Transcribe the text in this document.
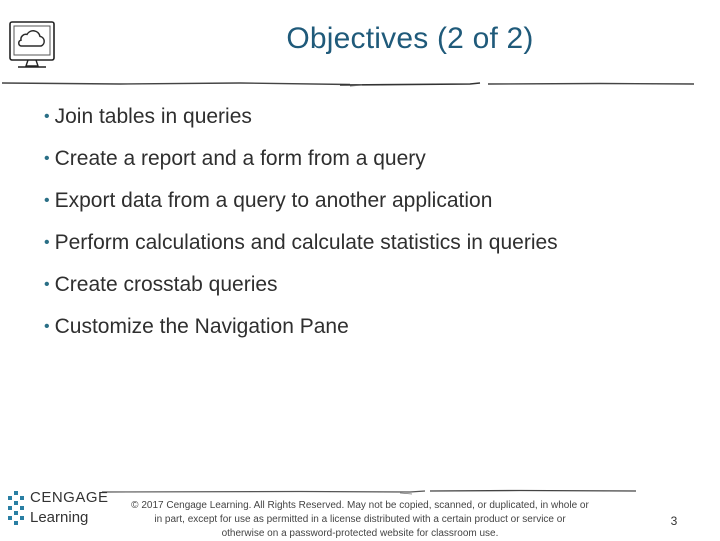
Objectives (2 of 2)
• Join tables in queries
• Create a report and a form from a query
• Export data from a query to another application
• Perform calculations and calculate statistics in queries
• Create crosstab queries
• Customize the Navigation Pane
CENGAGE
Learning
© 2017 Cengage Learning. All Rights Reserved. May not be copied, scanned, or duplicated, in whole or
in part, except for use as permitted in a license distributed with a certain product or service or
otherwise on a password-protected website for classroom use.
3
